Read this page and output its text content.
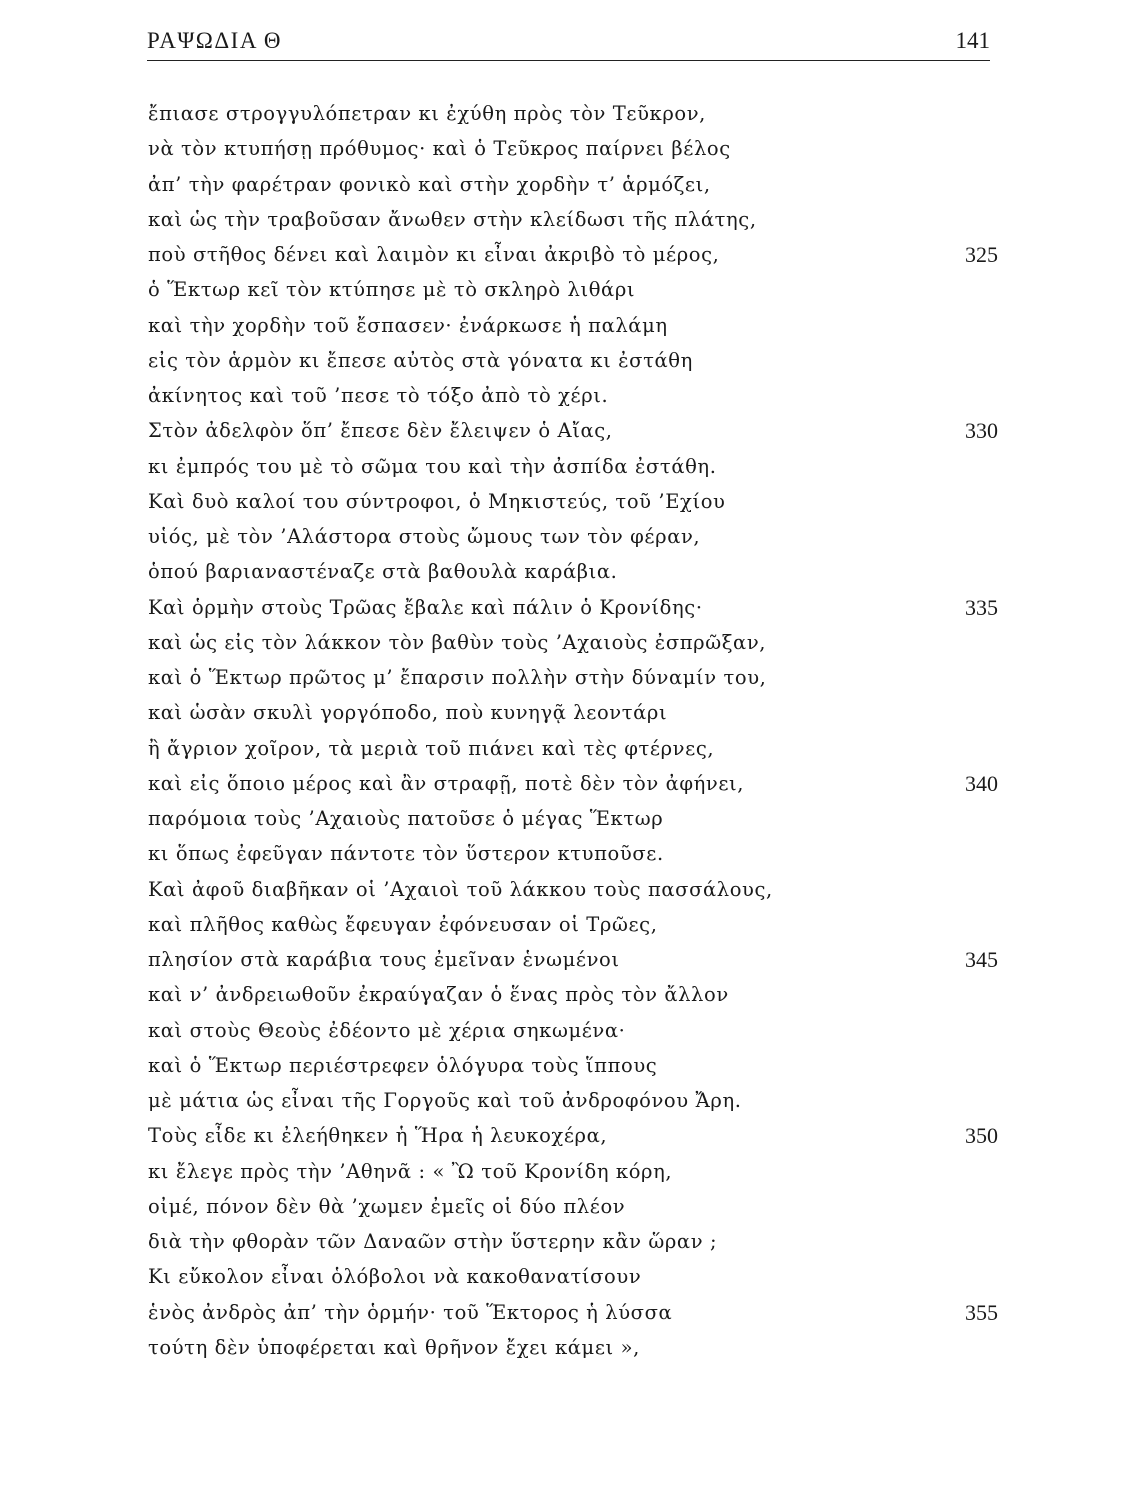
ΡΑΨΩΔΙΑ Θ	141
ἔπιασε στρογγυλόπετραν κι ἐχύθη πρὸς τὸν Τεῦκρον,
νὰ τὸν κτυπήσῃ πρόθυμος· καὶ ὁ Τεῦκρος παίρνει βέλος
ἀπ’ τὴν φαρέτραν φονικὸ καὶ στὴν χορδὴν τ’ ἁρμόζει,
καὶ ὡς τὴν τραβοῦσαν ἄνωθεν στὴν κλείδωσι τῆς πλάτης,
ποὺ στῆθος δένει καὶ λαιμὸν κι εἶναι ἀκριβὸ τὸ μέρος,	325
ὁ Ἕκτωρ κεῖ τὸν κτύπησε μὲ τὸ σκληρὸ λιθάρι
καὶ τὴν χορδὴν τοῦ ἔσπασεν· ἐνάρκωσε ἡ παλάμη
εἰς τὸν ἁρμὸν κι ἔπεσε αὐτὸς στὰ γόνατα κι ἐστάθη
ἀκίνητος καὶ τοῦ ’πεσε τὸ τόξο ἀπὸ τὸ χέρι.
Στὸν ἀδελφὸν ὅπ’ ἔπεσε δὲν ἔλειψεν ὁ Αἴας,	330
κι ἐμπρός του μὲ τὸ σῶμα του καὶ τὴν ἀσπίδα ἐστάθη.
Καὶ δυὸ καλοί του σύντροφοι, ὁ Μηκιστεύς, τοῦ ’Εχίου
υἱός, μὲ τὸν ’Αλάστορα στοὺς ὤμους των τὸν φέραν,
ὁπού βαριαναστέναζε στὰ βαθουλὰ καράβια.
Καὶ ὁρμὴν στοὺς Τρῶας ἔβαλε καὶ πάλιν ὁ Κρονίδης·	335
καὶ ὡς εἰς τὸν λάκκον τὸν βαθὺν τοὺς ’Αχαιοὺς ἐσπρῶξαν,
καὶ ὁ Ἕκτωρ πρῶτος μ’ ἔπαρσιν πολλὴν στὴν δύναμίν του,
καὶ ὡσὰν σκυλὶ γοργόποδο, ποὺ κυνηγᾷ λεοντάρι
ἢ ἄγριον χοῖρον, τὰ μεριὰ τοῦ πιάνει καὶ τὲς φτέρνες,
καὶ εἰς ὅποιο μέρος καὶ ἂν στραφῇ, ποτὲ δὲν τὸν ἀφήνει,	340
παρόμοια τοὺς ’Αχαιοὺς πατοῦσε ὁ μέγας Ἕκτωρ
κι ὅπως ἐφεῦγαν πάντοτε τὸν ὕστερον κτυποῦσε.
Καὶ ἀφοῦ διαβῆκαν οἱ ’Αχαιοὶ τοῦ λάκκου τοὺς πασσάλους,
καὶ πλῆθος καθὼς ἔφευγαν ἐφόνευσαν οἱ Τρῶες,
πλησίον στὰ καράβια τους ἐμεῖναν ἑνωμένοι	345
καὶ ν’ ἀνδρειωθοῦν ἐκραύγαζαν ὁ ἕνας πρὸς τὸν ἄλλον
καὶ στοὺς Θεοὺς ἐδέοντο μὲ χέρια σηκωμένα·
καὶ ὁ Ἕκτωρ περιέστρεφεν ὁλόγυρα τοὺς ἵππους
μὲ μάτια ὡς εἶναι τῆς Γοργοῦς καὶ τοῦ ἀνδροφόνου Ἄρη.
Τοὺς εἶδε κι ἐλεήθηκεν ἡ Ἥρα ἡ λευκοχέρα,	350
κι ἔλεγε πρὸς τὴν ’Αθηνᾶ : « Ὢ τοῦ Κρονίδη κόρη,
οἰμέ, πόνον δὲν θὰ ’χωμεν ἐμεῖς οἱ δύο πλέον
διὰ τὴν φθορὰν τῶν Δαναῶν στὴν ὕστερην κἂν ὥραν ;
Κι εὔκολον εἶναι ὁλόβολοι νὰ κακοθανατίσουν
ἑνὸς ἀνδρὸς ἀπ’ τὴν ὁρμήν· τοῦ Ἕκτορος ἡ λύσσα	355
τούτη δὲν ὑποφέρεται καὶ θρῆνον ἔχει κάμει »,
